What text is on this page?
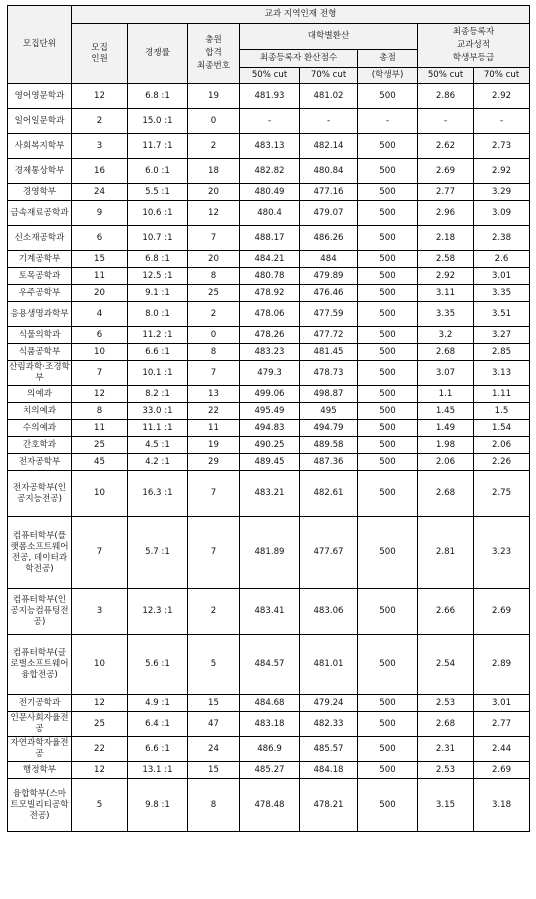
모집단위	교과 지역인재 전형							
	모집
인원	경쟁률	충원
합격
최종번호	대학별환산			최종등록자
교과성적
학생부등급	
				최종등록자 환산점수		총점		
				50% cut	70% cut	(학생부)	50% cut	70% cut
영어영문학과	12	6.8 :1	19	481.93	481.02	500	2.86	2.92
일어일문학과	2	15.0 :1	0	-	-	-	-	-
사회복지학부	3	11.7 :1	2	483.13	482.14	500	2.62	2.73
경제통상학부	16	6.0 :1	18	482.82	480.84	500	2.69	2.92
경영학부	24	5.5 :1	20	480.49	477.16	500	2.77	3.29
금속재료공학과	9	10.6 :1	12	480.4	479.07	500	2.96	3.09
신소재공학과	6	10.7 :1	7	488.17	486.26	500	2.18	2.38
기계공학부	15	6.8 :1	20	484.21	484	500	2.58	2.6
토목공학과	11	12.5 :1	8	480.78	479.89	500	2.92	3.01
우주공학부	20	9.1 :1	25	478.92	476.46	500	3.11	3.35
응용생명과학부	4	8.0 :1	2	478.06	477.59	500	3.35	3.51
식물의학과	6	11.2 :1	0	478.26	477.72	500	3.2	3.27
식품공학부	10	6.6 :1	8	483.23	481.45	500	2.68	2.85
산림과학·조경학부	7	10.1 :1	7	479.3	478.73	500	3.07	3.13
의예과	12	8.2 :1	13	499.06	498.87	500	1.1	1.11
치의예과	8	33.0 :1	22	495.49	495	500	1.45	1.5
수의예과	11	11.1 :1	11	494.83	494.79	500	1.49	1.54
간호학과	25	4.5 :1	19	490.25	489.58	500	1.98	2.06
전자공학부	45	4.2 :1	29	489.45	487.36	500	2.06	2.26
전자공학부(인공지능전공)	10	16.3 :1	7	483.21	482.61	500	2.68	2.75
컴퓨터학부(플랫폼소프트웨어전공, 데이터과학전공)	7	5.7 :1	7	481.89	477.67	500	2.81	3.23
컴퓨터학부(인공지능컴퓨팅전공)	3	12.3 :1	2	483.41	483.06	500	2.66	2.69
컴퓨터학부(글로벌소프트웨어융합전공)	10	5.6 :1	5	484.57	481.01	500	2.54	2.89
전기공학과	12	4.9 :1	15	484.68	479.24	500	2.53	3.01
인문사회자율전공	25	6.4 :1	47	483.18	482.33	500	2.68	2.77
자연과학자율전공	22	6.6 :1	24	486.9	485.57	500	2.31	2.44
행정학부	12	13.1 :1	15	485.27	484.18	500	2.53	2.69
융합학부(스마트모빌리티공학전공)	5	9.8 :1	8	478.48	478.21	500	3.15	3.18
